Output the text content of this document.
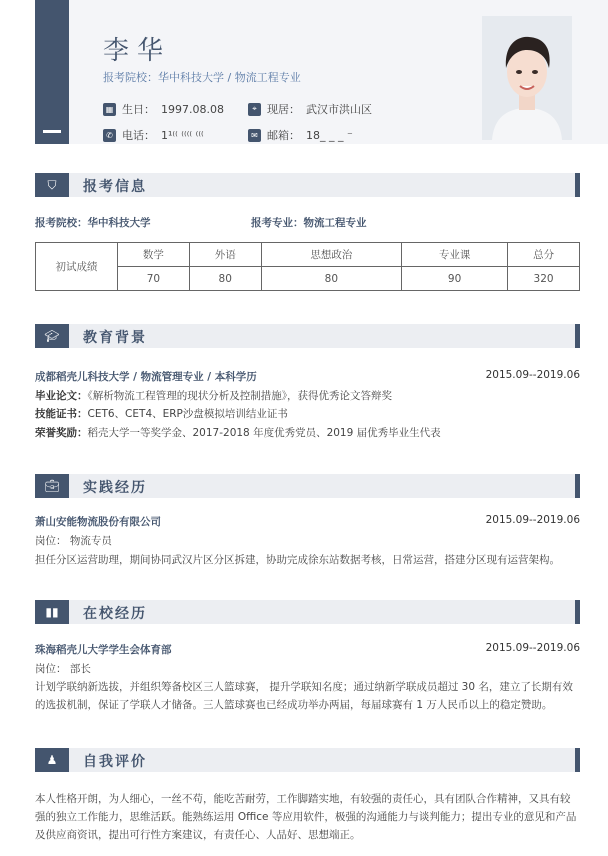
李华
报考院校：华中科技大学 / 物流工程专业
▦ 生日： 1997.08.08	⌖ 现居： 武汉市洪山区
✆ 电话： 1¹⁽⁽ ⁽⁽⁽⁽ ⁽⁽⁽	✉ 邮箱： 18_ _ _ ⁻
⛉	报考信息
报考院校：华中科技大学	报考专业：物流工程专业
初试成绩	数学	外语	思想政治	专业课	总分
	70	80	80	90	320
🎓︎	教育背景
成都稻壳儿科技大学 / 物流管理专业 / 本科学历	2015.09--2019.06
毕业论文：《解析物流工程管理的现状分析及控制措施》，获得优秀论文答辩奖
技能证书：CET6、CET4、ERP沙盘模拟培训结业证书
荣誉奖励：稻壳大学一等奖学金、2017-2018 年度优秀党员、2019 届优秀毕业生代表
💼︎	实践经历
萧山安能物流股份有限公司	2015.09--2019.06
岗位： 物流专员
担任分区运营助理，期间协同武汉片区分区拆建，协助完成徐东站数据考核，日常运营，搭建分区现有运营架构。
▮▮	在校经历
珠海稻壳儿大学学生会体育部	2015.09--2019.06
岗位： 部长
计划学联纳新选拔，并组织筹备校区三人篮球赛， 提升学联知名度；通过纳新学联成员超过 30 名，建立了长期有效的选拔机制，保证了学联人才储备。三人篮球赛也已经成功举办两届，每届球赛有 1 万人民币以上的稳定赞助。
♟	自我评价
本人性格开朗，为人细心，一丝不苟，能吃苦耐劳，工作脚踏实地，有较强的责任心，具有团队合作精神，又具有较强的独立工作能力，思维活跃。能熟练运用 Office 等应用软件，极强的沟通能力与谈判能力；提出专业的意见和产品及供应商资讯，提出可行性方案建议，有责任心、人品好、思想端正。
